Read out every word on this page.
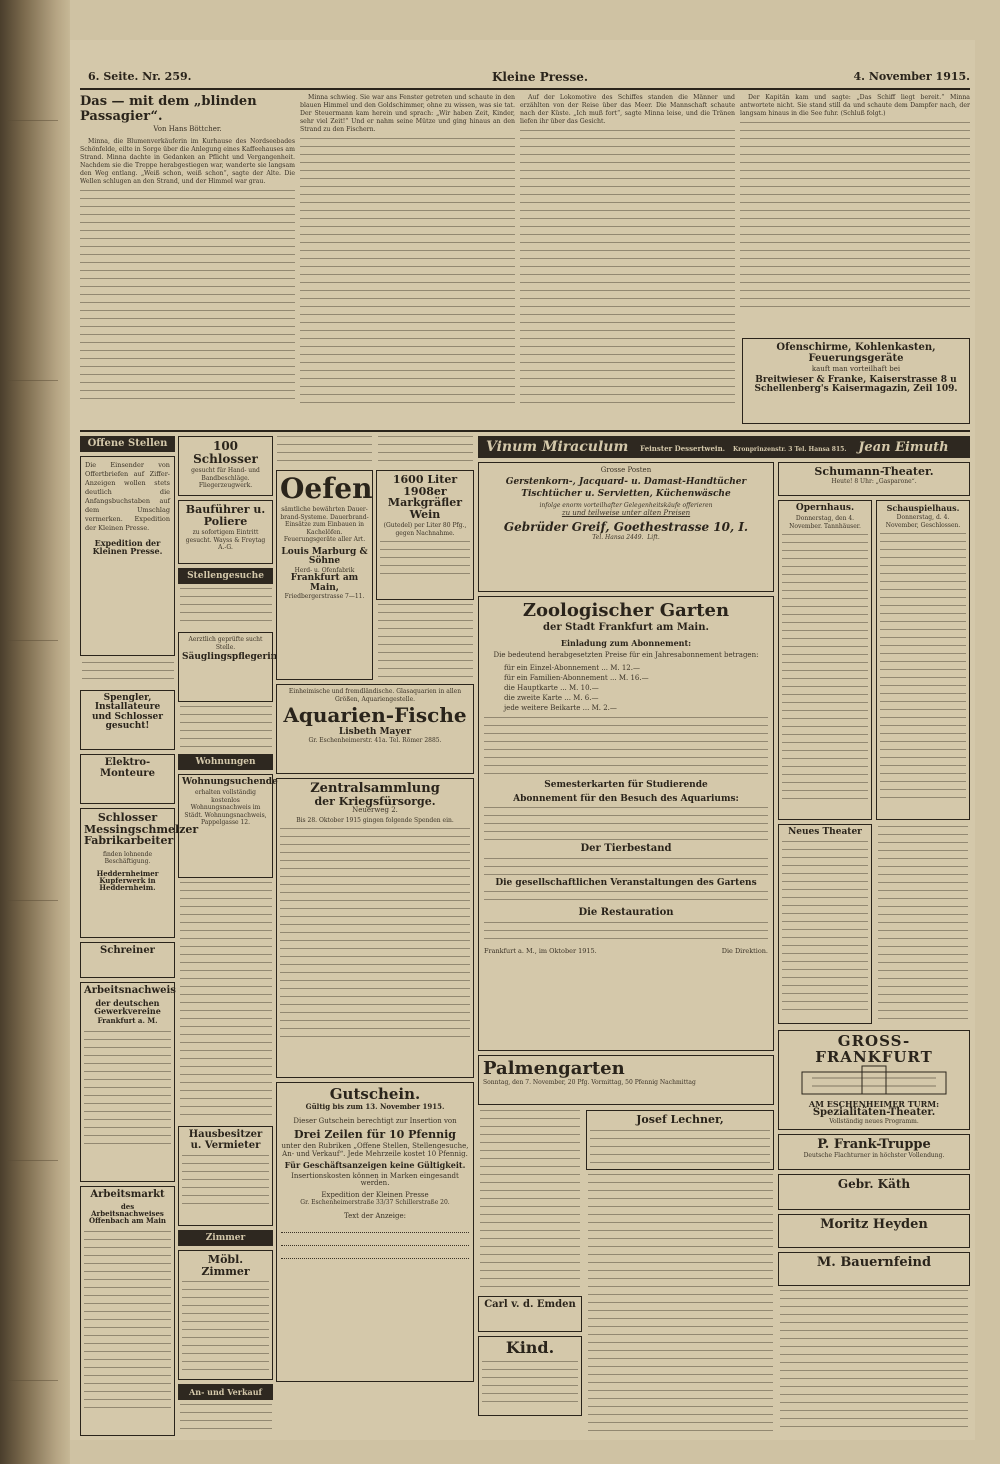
6. Seite. Nr. 259.	Kleine Presse.	4. November 1915.
Das — mit dem „blinden Passagier“.
Von Hans Böttcher.

Minna, die Blumenverkäuferin im Kurhause des Nordseebades Schönfelde, eilte in Sorge über die Anlegung eines Kaffeehauses am Strand. Minna dachte in Gedanken an Pflicht und Vergangenheit. Nachdem sie die Treppe herabgestiegen war, wanderte sie langsam den Weg entlang. „Weiß schon, weiß schon“, sagte der Alte. Die Wellen schlugen an den Strand, und der Himmel war grau.

Minna schwieg. Sie war ans Fenster getreten und schaute in den blauen Himmel und den Goldschimmer, ohne zu wissen, was sie tat. Der Steuermann kam herein und sprach: „Wir haben Zeit, Kinder, sehr viel Zeit!“ Und er nahm seine Mütze und ging hinaus an den Strand zu den Fischern.

Auf der Lokomotive des Schiffes standen die Männer und erzählten von der Reise über das Meer. Die Mannschaft schaute nach der Küste. „Ich muß fort“, sagte Minna leise, und die Tränen liefen ihr über das Gesicht.

Der Kapitän kam und sagte: „Das Schiff liegt bereit.“ Minna antwortete nicht. Sie stand still da und schaute dem Dampfer nach, der langsam hinaus in die See fuhr. (Schluß folgt.)

Ofenschirme, Kohlenkasten, Feuerungsgeräte
kauft man vorteilhaft bei
Breitwieser & Franke, Kaiserstrasse 8 u
Schellenberg's Kaisermagazin, Zeil 109.
Offene Stellen
Die Einsender von Offertbriefen auf Ziffer-Anzeigen wollen stets deutlich die Anfangsbuchstaben auf dem Umschlag vermerken. Expedition der Kleinen Presse.
Expedition der Kleinen Presse.
Spengler, Installateure und Schlosser gesucht!
Elektro-Monteure
Schlosser Messingschmelzer Fabrikarbeiter
finden lohnende Beschäftigung.
Heddernheimer Kupferwerk in Heddernheim.
Schreiner
Arbeitsnachweis
der deutschen Gewerkvereine
Frankfurt a. M.
Arbeitsmarkt
des Arbeitsnachweises Offenbach am Main
100 Schlosser
gesucht für Hand- und Bandbeschläge. Fliegerzeugwerk.
Bauführer u. Poliere
zu sofortigem Eintritt gesucht. Wayss & Freytag A.-G.
Stellengesuche
Aerztlich geprüfte sucht Stelle.
Säuglingspflegerin
Wohnungen
Wohnungsuchende
erhalten vollständig kostenlos Wohnungsnachweis im Städt. Wohnungsnachweis, Pappelgasse 12.
Hausbesitzer u. Vermieter
Zimmer
Möbl. Zimmer
An- und Verkauf
Oefen
sämtliche bewährten Dauer-brand-Systeme. Dauerbrand-Einsätze zum Einbauen in Kachelöfen. Feuerungsgeräte aller Art.
Louis Marburg & Söhne
Herd- u. Ofenfabrik
Frankfurt am Main,
Friedbergerstrasse 7—11.
1600 Liter 1908er Markgräfler Wein
(Gutedel) per Liter 80 Pfg., gegen Nachnahme.
Einheimische und fremdländische. Glasaquarien in allen Größen, Aquariengestelle.
Aquarien-Fische
Lisbeth Mayer
Gr. Eschenheimerstr. 41a. Tel. Römer 2885.
Zentralsammlung
der Kriegsfürsorge.
Neuerweg 2.
Bis 28. Oktober 1915 gingen folgende Spenden ein.
Gutschein.
Gültig bis zum 13. November 1915.
Dieser Gutschein berechtigt zur Insertion von
Drei Zeilen für 10 Pfennig
unter den Rubriken „Offene Stellen, Stellengesuche, An- und Verkauf“. Jede Mehrzeile kostet 10 Pfennig.
Für Geschäftsanzeigen keine Gültigkeit.
Insertionskosten können in Marken eingesandt werden.
Expedition der Kleinen Presse
Gr. Eschenheimerstraße 33/37 Schillerstraße 20.
Text der Anzeige:
Vinum Miraculum Feinster Dessertwein. Kronprinzenstr. 3 Tel. Hansa 815. Jean Eimuth
Grosse Posten
Gerstenkorn-, Jacquard- u. Damast-Handtücher
Tischtücher u. Servietten, Küchenwäsche
infolge enorm vorteilhafter Gelegenheitskäufe offerieren
zu und teilweise unter alten Preisen
Gebrüder Greif, Goethestrasse 10, I.
Tel. Hansa 2449. Lift.
Zoologischer Garten
der Stadt Frankfurt am Main.
Einladung zum Abonnement:
Die bedeutend herabgesetzten Preise für ein Jahresabonnement betragen:
für ein Einzel-Abonnement ... M. 12.—
für ein Familien-Abonnement ... M. 16.—
die Hauptkarte ... M. 10.—
die zweite Karte ... M. 6.—
jede weitere Beikarte ... M. 2.—
Semesterkarten für Studierende
Abonnement für den Besuch des Aquariums:
Der Tierbestand
Die gesellschaftlichen Veranstaltungen des Gartens
Die Restauration
Frankfurt a. M., im Oktober 1915.	Die Direktion.
Palmengarten
Sonntag, den 7. November, 20 Pfg. Vormittag, 50 Pfennig Nachmittag
Carl v. d. Emden
Kind.
Josef Lechner,
Schumann-Theater.
Heute! 8 Uhr: „Gasparone“.
Opernhaus.
Donnerstag, den 4. November. Tannhäuser.
Schauspielhaus.
Donnerstag, d. 4. November, Geschlossen.
Neues Theater
GROSS-FRANKFURT
AM ESCHENHEIMER TURM:
Spezialitäten-Theater.
Vollständig neues Programm.
P. Frank-Truppe
Deutsche Flachturner in höchster Vollendung.
Gebr. Käth
Moritz Heyden
M. Bauernfeind
